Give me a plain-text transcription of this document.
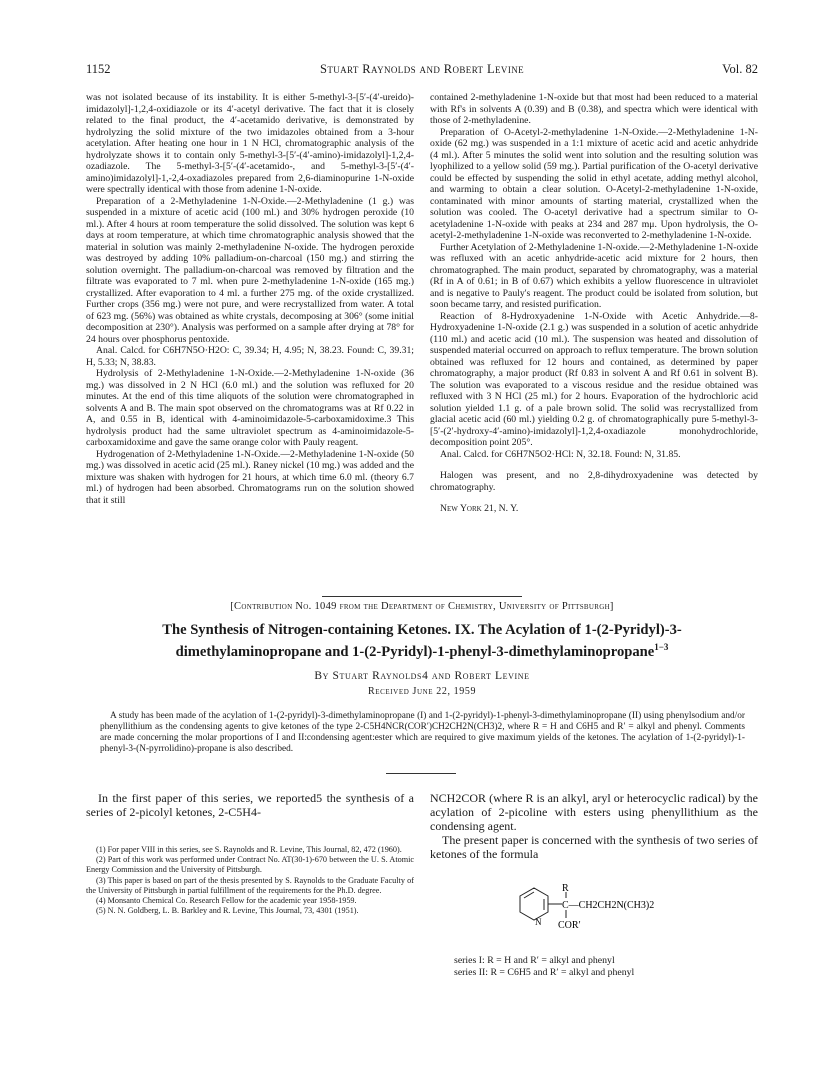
1152	Stuart Raynolds and Robert Levine	Vol. 82

was not isolated because of its instability. It is either 5-methyl-3-[5′-(4′-ureido)-imidazolyl]-1,2,4-oxidiazole or its 4′-acetyl derivative. The fact that it is closely related to the final product, the 4′-acetamido derivative, is demonstrated by hydrolyzing the solid mixture of the two imidazoles obtained from a 3-hour acetylation. After heating one hour in 1 N HCl, chromatographic analysis of the hydrolyzate shows it to contain only 5-methyl-3-[5′-(4′-amino)-imidazolyl]-1,2,4-ozadiazole. The 5-methyl-3-[5′-(4′-acetamido-, and 5-methyl-3-[5′-(4′-amino)imidazolyl]-1,-2,4-oxadiazoles prepared from 2,6-diaminopurine 1-N-oxide were spectrally identical with those from adenine 1-N-oxide.

Preparation of a 2-Methyladenine 1-N-Oxide.—2-Methyladenine (1 g.) was suspended in a mixture of acetic acid (100 ml.) and 30% hydrogen peroxide (10 ml.). After 4 hours at room temperature the solid dissolved. The solution was kept 6 days at room temperature, at which time chromatographic analysis showed that the material in solution was mainly 2-methyladenine N-oxide. The hydrogen peroxide was destroyed by adding 10% palladium-on-charcoal (150 mg.) and stirring the solution overnight. The palladium-on-charcoal was removed by filtration and the filtrate was evaporated to 7 ml. when pure 2-methyladenine 1-N-oxide (165 mg.) crystallized. After evaporation to 4 ml. a further 275 mg. of the oxide crystallized. Further crops (356 mg.) were not pure, and were recrystallized from water. A total of 623 mg. (56%) was obtained as white crystals, decomposing at 306° (some initial decomposition at 230°). Analysis was performed on a sample after drying at 78° for 24 hours over phosphorus pentoxide.

Anal. Calcd. for C6H7N5O·H2O: C, 39.34; H, 4.95; N, 38.23. Found: C, 39.31; H, 5.33; N, 38.83.

Hydrolysis of 2-Methyladenine 1-N-Oxide.—2-Methyladenine 1-N-oxide (36 mg.) was dissolved in 2 N HCl (6.0 ml.) and the solution was refluxed for 20 minutes. At the end of this time aliquots of the solution were chromatographed in solvents A and B. The main spot observed on the chromatograms was at Rf 0.22 in A, and 0.55 in B, identical with 4-aminoimidazole-5-carboxamidoxime.3 This hydrolysis product had the same ultraviolet spectrum as 4-aminoimidazole-5-carboxamidoxime and gave the same orange color with Pauly reagent.

Hydrogenation of 2-Methyladenine 1-N-Oxide.—2-Methyladenine 1-N-oxide (50 mg.) was dissolved in acetic acid (25 ml.). Raney nickel (10 mg.) was added and the mixture was shaken with hydrogen for 21 hours, at which time 6.0 ml. (theory 6.7 ml.) of hydrogen had been absorbed. Chromatograms run on the solution showed that it still

contained 2-methyladenine 1-N-oxide but that most had been reduced to a material with Rf's in solvents A (0.39) and B (0.38), and spectra which were identical with those of 2-methyladenine.

Preparation of O-Acetyl-2-methyladenine 1-N-Oxide.—2-Methyladenine 1-N-oxide (62 mg.) was suspended in a 1:1 mixture of acetic acid and acetic anhydride (4 ml.). After 5 minutes the solid went into solution and the resulting solution was lyophilized to a yellow solid (59 mg.). Partial purification of the O-acetyl derivative could be effected by suspending the solid in ethyl acetate, adding methyl alcohol, and warming to obtain a clear solution. O-Acetyl-2-methyladenine 1-N-oxide, contaminated with minor amounts of starting material, crystallized when the solution was cooled. The O-acetyl derivative had a spectrum similar to O-acetyladenine 1-N-oxide with peaks at 234 and 287 mμ. Upon hydrolysis, the O-acetyl-2-methyladenine 1-N-oxide was reconverted to 2-methyladenine 1-N-oxide.

Further Acetylation of 2-Methyladenine 1-N-oxide.—2-Methyladenine 1-N-oxide was refluxed with an acetic anhydride-acetic acid mixture for 2 hours, then chromatographed. The main product, separated by chromatography, was a material (Rf in A of 0.61; in B of 0.67) which exhibits a yellow fluorescence in ultraviolet and is negative to Pauly's reagent. The product could be isolated from solution, but soon became tarry, and resisted purification.

Reaction of 8-Hydroxyadenine 1-N-Oxide with Acetic Anhydride.—8-Hydroxyadenine 1-N-oxide (2.1 g.) was suspended in a solution of acetic anhydride (110 ml.) and acetic acid (10 ml.). The suspension was heated and dissolution of suspended material occurred on approach to reflux temperature. The brown solution obtained was refluxed for 12 hours and contained, as determined by paper chromatography, a major product (Rf 0.83 in solvent A and Rf 0.61 in solvent B). The solution was evaporated to a viscous residue and the residue obtained was refluxed with 3 N HCl (25 ml.) for 2 hours. Evaporation of the hydrochloric acid solution yielded 1.1 g. of a pale brown solid. The solid was recrystallized from glacial acetic acid (60 ml.) yielding 0.2 g. of chromatographically pure 5-methyl-3-[5′-(2′-hydroxy-4′-amino)-imidazolyl]-1,2,4-oxadiazole monohydrochloride, decomposition point 205°.

Anal. Calcd. for C6H7N5O2·HCl: N, 32.18. Found: N, 31.85.

Halogen was present, and no 2,8-dihydroxyadenine was detected by chromatography.

New York 21, N. Y.

[Contribution No. 1049 from the Department of Chemistry, University of Pittsburgh]
The Synthesis of Nitrogen-containing Ketones. IX. The Acylation of 1-(2-Pyridyl)-3-
dimethylaminopropane and 1-(2-Pyridyl)-1-phenyl-3-dimethylaminopropane$^{1-3}$
By Stuart Raynolds4 and Robert Levine
Received June 22, 1959
A study has been made of the acylation of 1-(2-pyridyl)-3-dimethylaminopropane (I) and 1-(2-pyridyl)-1-phenyl-3-dimethylaminopropane (II) using phenylsodium and/or phenyllithium as the condensing agents to give ketones of the type 2-C5H4NCR(COR′)CH2CH2N(CH3)2, where R = H and C6H5 and R′ = alkyl and phenyl. Comments are made concerning the molar proportions of I and II:condensing agent:ester which are required to give maximum yields of the ketones. The acylation of 1-(2-pyridyl)-1-phenyl-3-(N-pyrrolidino)-propane is also described.

In the first paper of this series, we reported5 the synthesis of a series of 2-picolyl ketones, 2-C5H4-

(1) For paper VIII in this series, see S. Raynolds and R. Levine, This Journal, 82, 472 (1960).

(2) Part of this work was performed under Contract No. AT(30-1)-670 between the U. S. Atomic Energy Commission and the University of Pittsburgh.

(3) This paper is based on part of the thesis presented by S. Raynolds to the Graduate Faculty of the University of Pittsburgh in partial fulfillment of the requirements for the Ph.D. degree.

(4) Monsanto Chemical Co. Research Fellow for the academic year 1958-1959.

(5) N. N. Goldberg, L. B. Barkley and R. Levine, This Journal, 73, 4301 (1951).

NCH2COR (where R is an alkyl, aryl or heterocyclic radical) by the acylation of 2-picoline with esters using phenyllithium as the condensing agent.

The present paper is concerned with the synthesis of two series of ketones of the formula

R
C—CH2CH2N(CH3)2
N COR′
series I: R = H and R′ = alkyl and phenyl
series II: R = C6H5 and R′ = alkyl and phenyl
